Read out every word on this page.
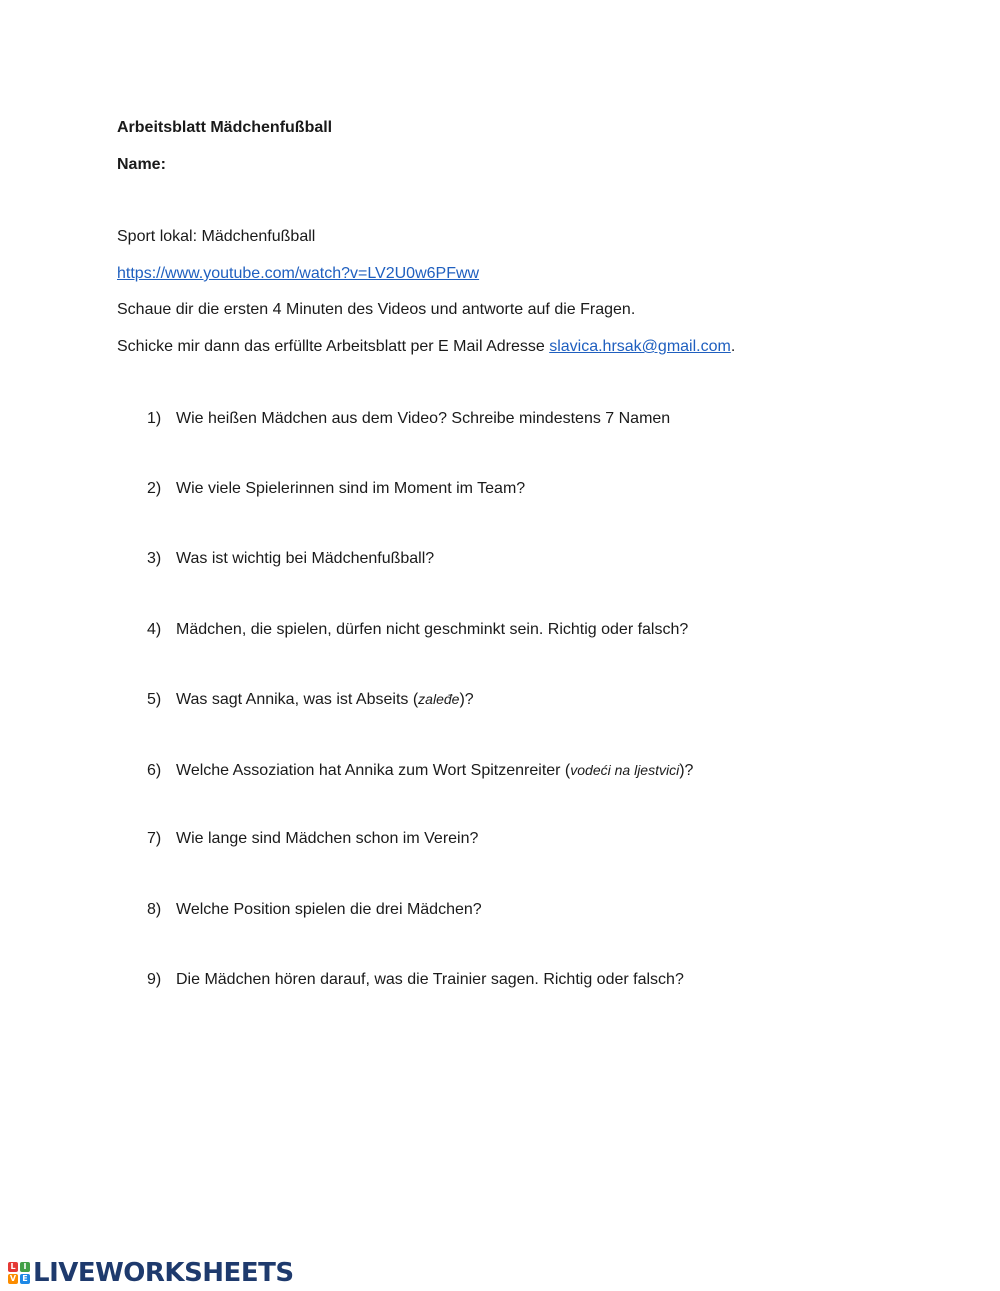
Arbeitsblatt Mädchenfußball
Name:
Sport lokal: Mädchenfußball
https://www.youtube.com/watch?v=LV2U0w6PFww
Schaue dir die ersten 4 Minuten des Videos und antworte auf die Fragen.
Schicke mir dann das erfüllte Arbeitsblatt per E Mail Adresse slavica.hrsak@gmail.com.
1) Wie heißen Mädchen aus dem Video? Schreibe mindestens 7 Namen
2) Wie viele Spielerinnen sind im Moment im Team?
3) Was ist wichtig bei Mädchenfußball?
4) Mädchen, die spielen, dürfen nicht geschminkt sein. Richtig oder falsch?
5) Was sagt Annika, was ist Abseits (zaleđe)?
6) Welche Assoziation hat Annika zum Wort Spitzenreiter (vodeći na ljestvici)?
7) Wie lange sind Mädchen schon im Verein?
8) Welche Position spielen die drei Mädchen?
9) Die Mädchen hören darauf, was die Trainier sagen. Richtig oder falsch?
L I
V E LIVEWORKSHEETS
